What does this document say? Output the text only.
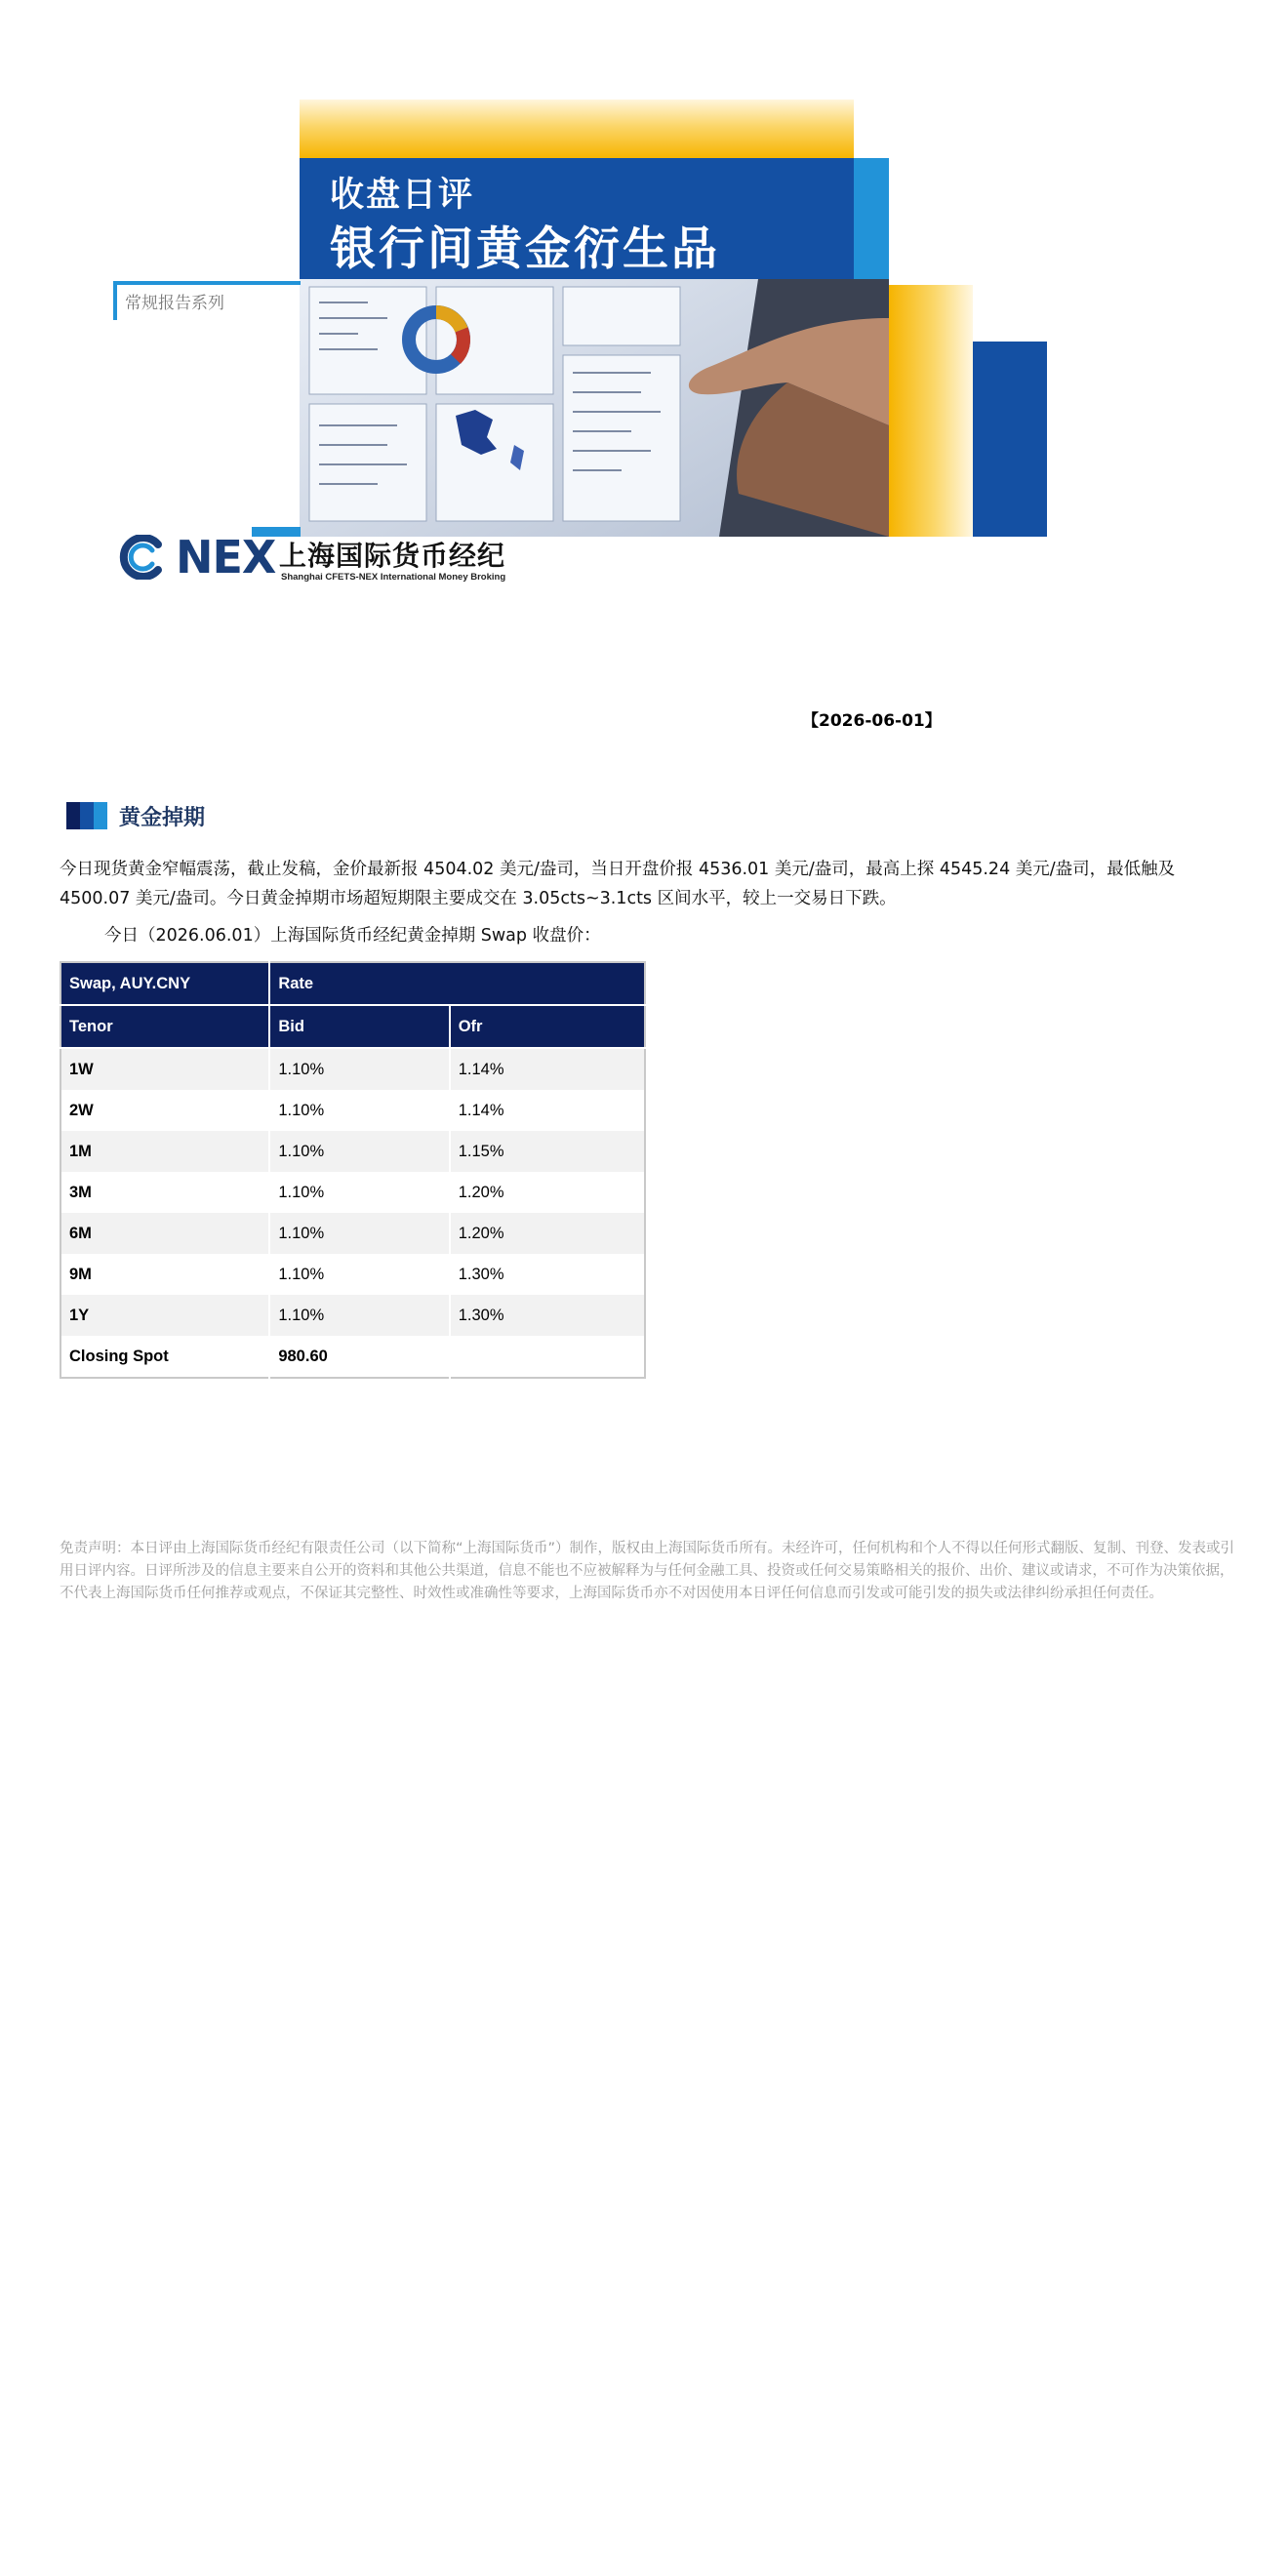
收盘日评
银行间黄金衍生品
常规报告系列
NEX 上海国际货币经纪
Shanghai CFETS-NEX International Money Broking
【2026-06-01】
黄金掉期
今日现货黄金窄幅震荡，截止发稿，金价最新报 4504.02 美元/盎司，当日开盘价报 4536.01 美元/盎司，最高上探 4545.24 美元/盎司，最低触及 4500.07 美元/盎司。今日黄金掉期市场超短期限主要成交在 3.05cts~3.1cts 区间水平，较上一交易日下跌。
今日（2026.06.01）上海国际货币经纪黄金掉期 Swap 收盘价：
Swap, AUY.CNY	Rate	
Tenor	Bid	Ofr
1W	1.10%	1.14%
2W	1.10%	1.14%
1M	1.10%	1.15%
3M	1.10%	1.20%
6M	1.10%	1.20%
9M	1.10%	1.30%
1Y	1.10%	1.30%
Closing Spot	980.60	
免责声明：本日评由上海国际货币经纪有限责任公司（以下简称“上海国际货币”）制作，版权由上海国际货币所有。未经许可，任何机构和个人不得以任何形式翻版、复制、刊登、发表或引用日评内容。日评所涉及的信息主要来自公开的资料和其他公共渠道，信息不能也不应被解释为与任何金融工具、投资或任何交易策略相关的报价、出价、建议或请求，不可作为决策依据，不代表上海国际货币任何推荐或观点，不保证其完整性、时效性或准确性等要求，上海国际货币亦不对因使用本日评任何信息而引发或可能引发的损失或法律纠纷承担任何责任。
